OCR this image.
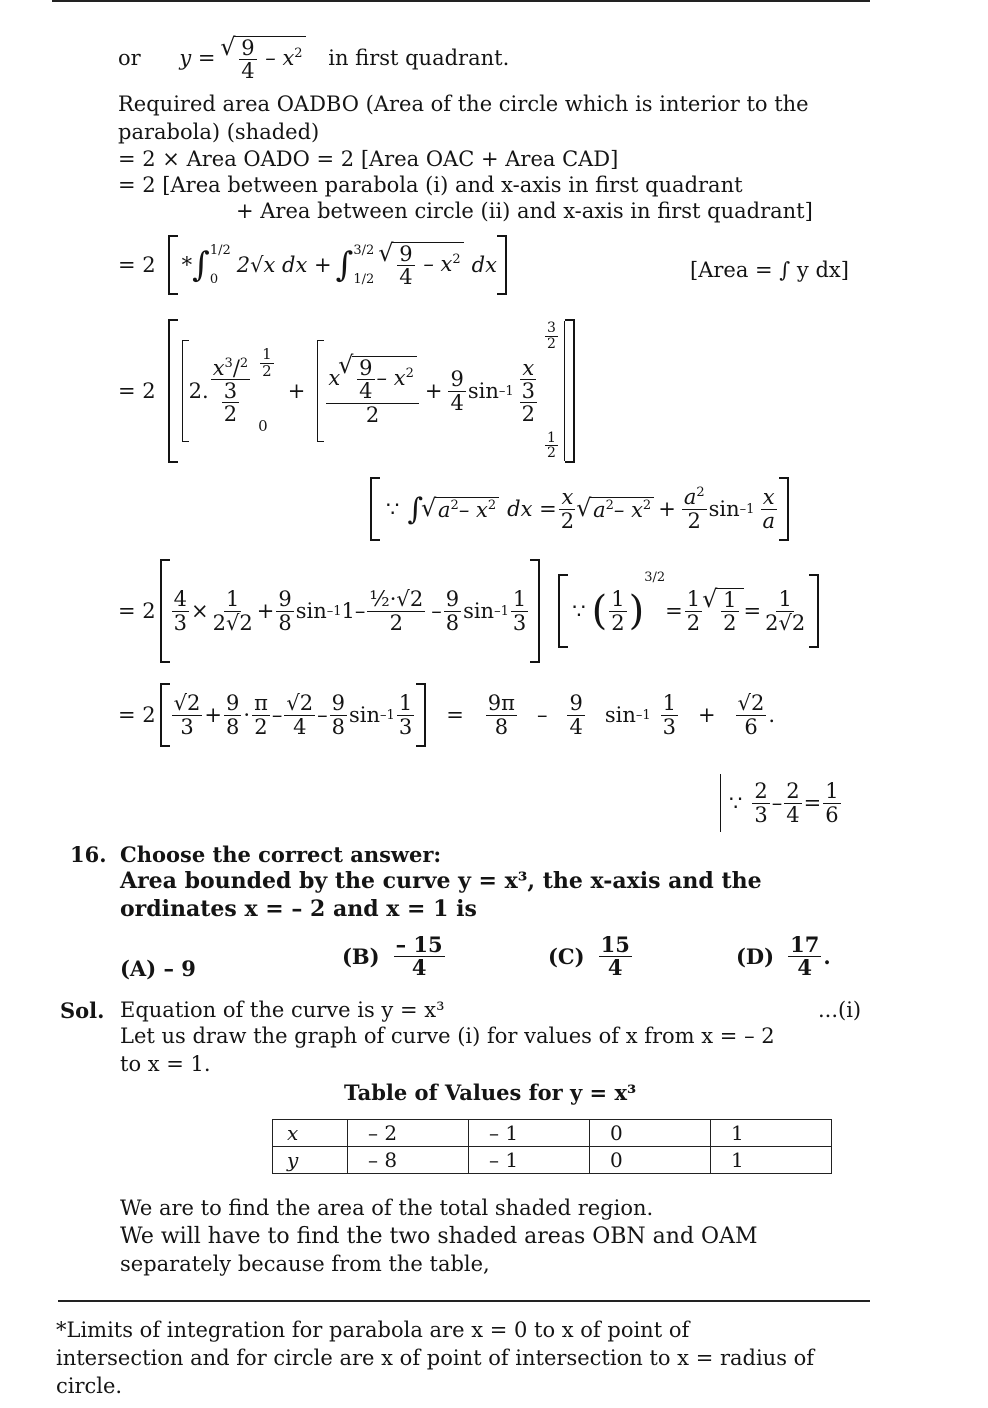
or y = √ $\frac{9}{4} - x^2$ in first quadrant.
Required area OADBO (Area of the circle which is interior to the
parabola) (shaded)
= 2 × Area OADO = 2 [Area OAC + Area CAD]
= 2 [Area between parabola (i) and x-axis in first quadrant
+ Area between circle (ii) and x-axis in first quadrant]
= 2 * ∫ 1/2
0
2√x dx + ∫ 3/2
1/2 √ $\frac{9}{4} - x^2$ dx	[Area = ∫ y dx]
= 2 2. $\frac{x^3/^2}{\frac{3}{2}} \frac{1}{2}$
0
+ $\frac{x √ \frac{9}{4} - x^2}{2} + \frac{9}{4}$ $\sin -1 \frac{x}{\frac{3}{2}}$
$\frac{3}{2}$
$\frac{1}{2}$
∵ ∫ √ $a^2-$ $x^2$ dx = $\frac{x}{2}$ √ $a^2-$ $x^2 + \frac{a^2}{2}$ $\sin -1 \frac{x}{a}$
= $2 \frac{4}{3} \times \frac{1}{2√2} + \frac{9}{8}$ sin –1 $1 - \frac{\text{½·√2}}{2} - \frac{9}{8}$ $\sin -1 \frac{1}{3}$ ∵ ( $\frac{1}{2}$ )
3/2
= $\frac{1}{2}$ √ $\frac{1}{2} = \frac{1}{2√2}$
= $2 \frac{√2}{3} + \frac{9}{8} \cdot \frac{\pi}{2} - \frac{√2}{4} - \frac{9}{8}$ $\sin -1 \frac{1}{3} = \frac{9\pi}{8} - \frac{9}{4}$ $\sin -1 \frac{1}{3} + \frac{√2}{6}$ .
∵ $\frac{2}{3} - \frac{2}{4} = \frac{1}{6}$
16. Choose the correct answer:
Area bounded by the curve y = x³, the x-axis and the
ordinates x = – 2 and x = 1 is
(A) – 9	$(B) \frac{- 15}{4}$	$(C) \frac{15}{4}$	$(D) \frac{17}{4}$ .
Sol. Equation of the curve is y = x³	...(i)
Let us draw the graph of curve (i) for values of x from x = – 2
to x = 1.
Table of Values for y = x³
x	– 2	– 1	0	1
y	– 8	– 1	0	1
We are to find the area of the total shaded region.
We will have to find the two shaded areas OBN and OAM
separately because from the table,
*Limits of integration for parabola are x = 0 to x of point of
intersection and for circle are x of point of intersection to x = radius of
circle.
